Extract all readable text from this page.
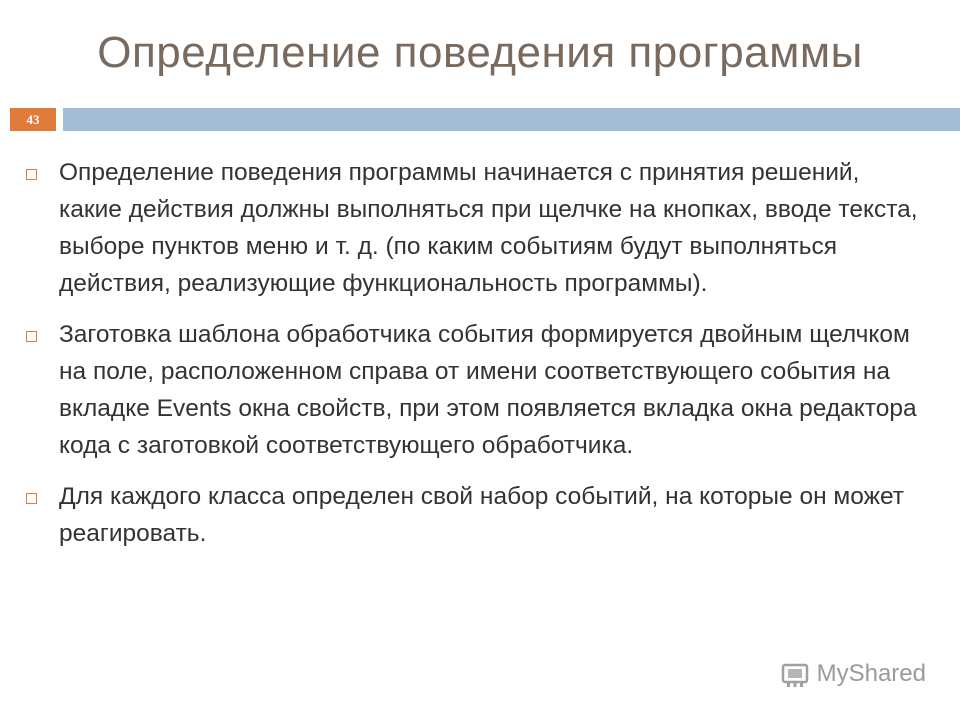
Определение поведения программы
43
Определение поведения программы начинается с принятия решений, какие действия должны выполняться при щелчке на кнопках, вводе текста, выборе пунктов меню и т. д. (по каким событиям будут выполняться действия, реализующие функциональность программы).
Заготовка шаблона обработчика события формируется двойным щелчком на поле, расположенном справа от имени соответствующего события на вкладке Events окна свойств, при этом появляется вкладка окна редактора кода с заготовкой соответствующего обработчика.
Для каждого класса определен свой набор событий, на которые он может реагировать.
MyShared
